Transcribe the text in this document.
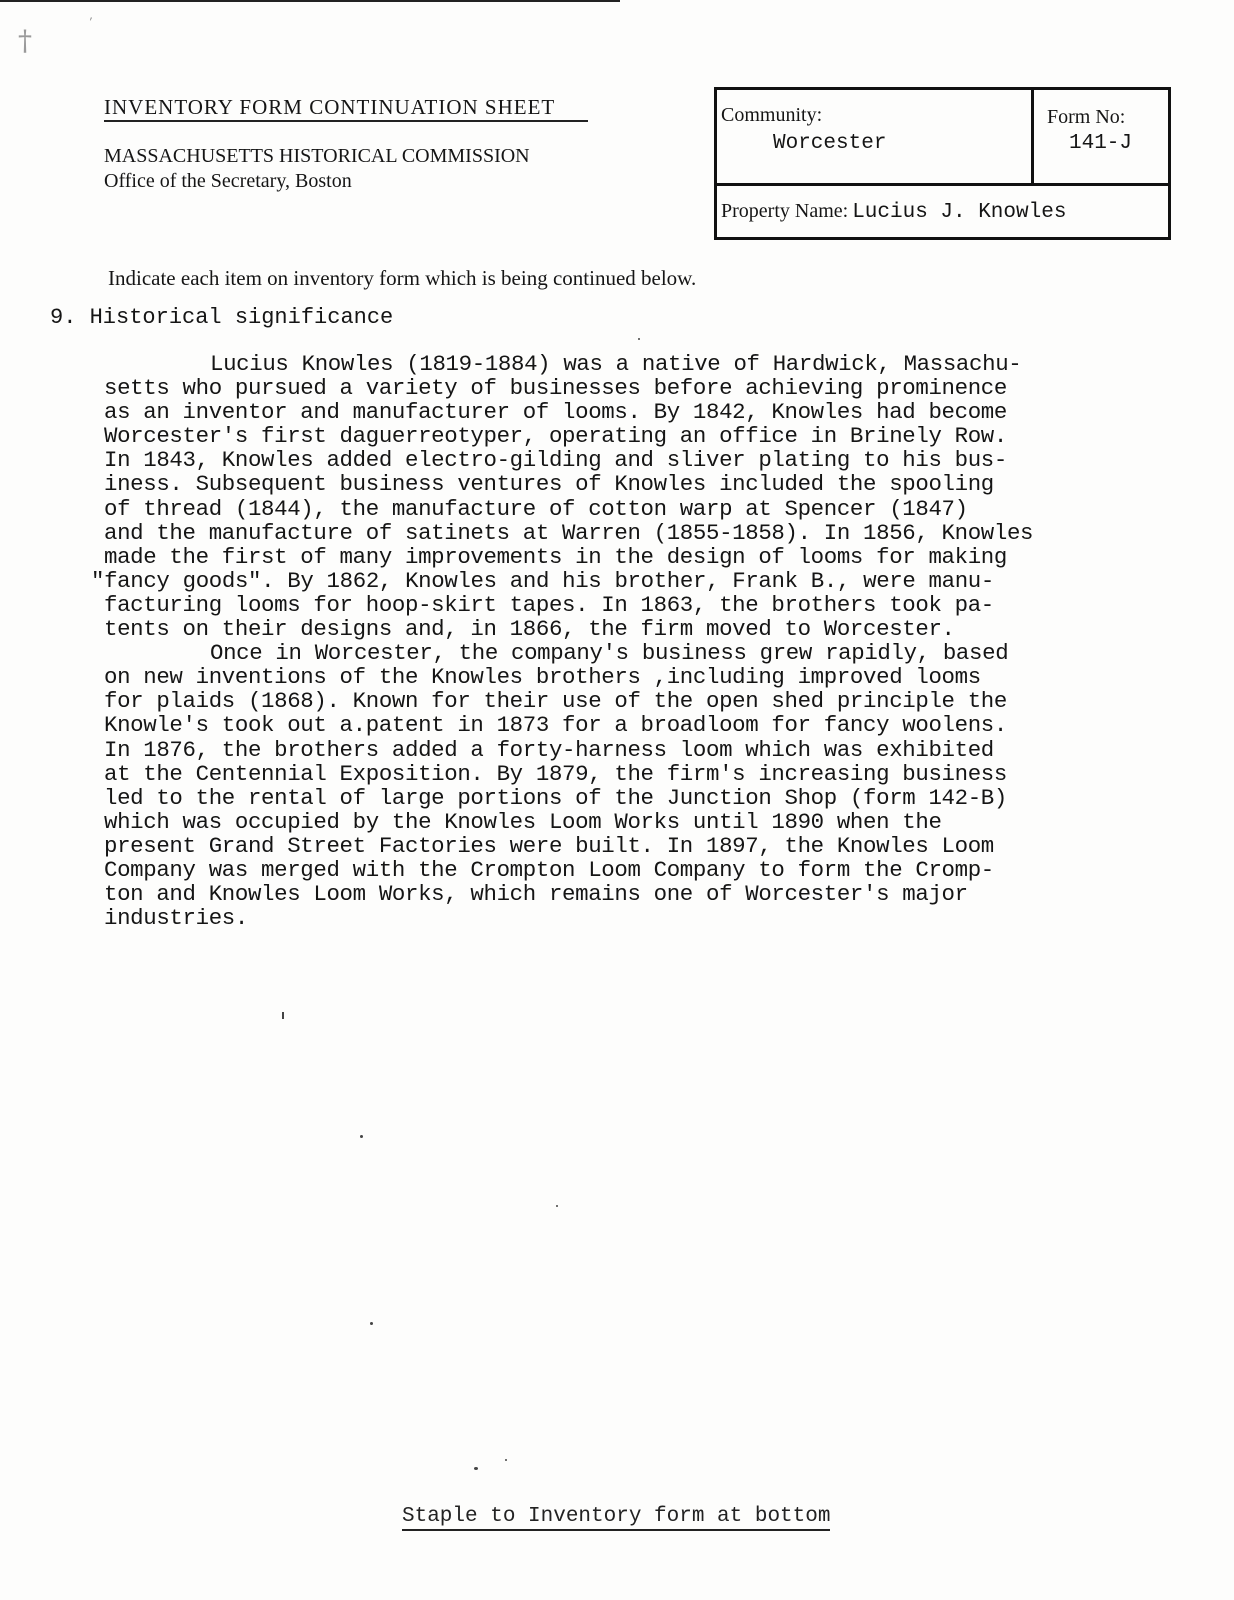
†
’
INVENTORY FORM CONTINUATION SHEET
MASSACHUSETTS HISTORICAL COMMISSION
Office of the Secretary, Boston
Community:
Worcester
Form No:
141-J
Property Name: Lucius J. Knowles
Indicate each item on inventory form which is being continued below.
9. Historical significance
Lucius Knowles (1819-1884) was a native of Hardwick, Massachu-
setts who pursued a variety of businesses before achieving prominence
as an inventor and manufacturer of looms. By 1842, Knowles had become
Worcester's first daguerreotyper, operating an office in Brinely Row.
In 1843, Knowles added electro-gilding and sliver plating to his bus-
iness. Subsequent business ventures of Knowles included the spooling
of thread (1844), the manufacture of cotton warp at Spencer (1847)
and the manufacture of satinets at Warren (1855-1858). In 1856, Knowles
made the first of many improvements in the design of looms for making
"fancy goods". By 1862, Knowles and his brother, Frank B., were manu-
facturing looms for hoop-skirt tapes. In 1863, the brothers took pa-
tents on their designs and, in 1866, the firm moved to Worcester.
Once in Worcester, the company's business grew rapidly, based
on new inventions of the Knowles brothers ,including improved looms
for plaids (1868). Known for their use of the open shed principle the
Knowle's took out a.patent in 1873 for a broadloom for fancy woolens.
In 1876, the brothers added a forty-harness loom which was exhibited
at the Centennial Exposition. By 1879, the firm's increasing business
led to the rental of large portions of the Junction Shop (form 142-B)
which was occupied by the Knowles Loom Works until 1890 when the
present Grand Street Factories were built. In 1897, the Knowles Loom
Company was merged with the Crompton Loom Company to form the Cromp-
ton and Knowles Loom Works, which remains one of Worcester's major
industries.
Staple to Inventory form at bottom
